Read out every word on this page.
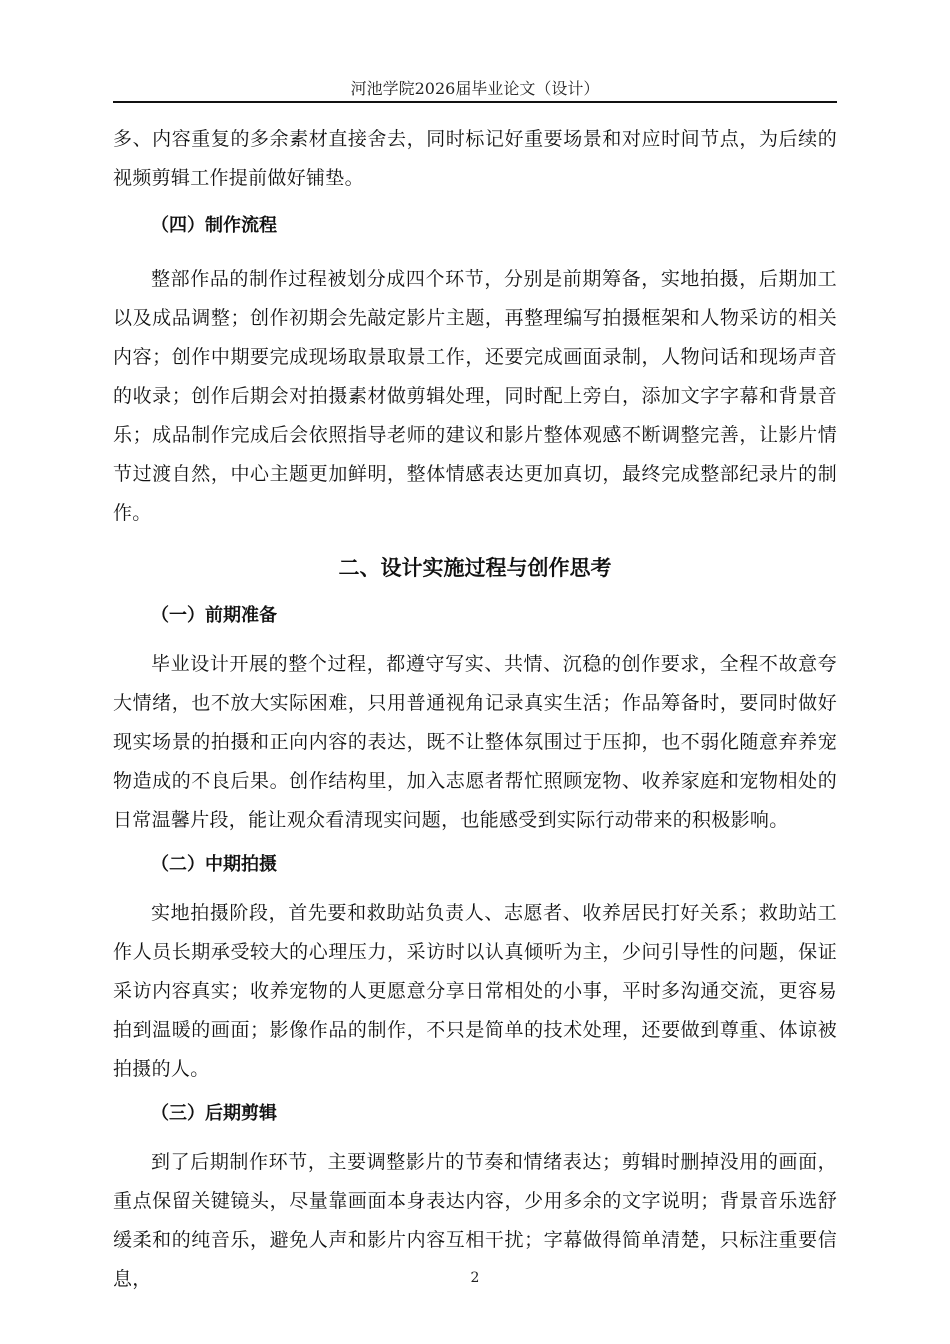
河池学院2026届毕业论文（设计）

多、内容重复的多余素材直接舍去，同时标记好重要场景和对应时间节点，为后续的视频剪辑工作提前做好铺垫。

（四）制作流程

整部作品的制作过程被划分成四个环节，分别是前期筹备，实地拍摄，后期加工以及成品调整；创作初期会先敲定影片主题，再整理编写拍摄框架和人物采访的相关内容；创作中期要完成现场取景取景工作，还要完成画面录制，人物问话和现场声音的收录；创作后期会对拍摄素材做剪辑处理，同时配上旁白，添加文字字幕和背景音乐；成品制作完成后会依照指导老师的建议和影片整体观感不断调整完善，让影片情节过渡自然，中心主题更加鲜明，整体情感表达更加真切，最终完成整部纪录片的制作。

二、设计实施过程与创作思考
（一）前期准备

毕业设计开展的整个过程，都遵守写实、共情、沉稳的创作要求，全程不故意夸大情绪，也不放大实际困难，只用普通视角记录真实生活；作品筹备时，要同时做好现实场景的拍摄和正向内容的表达，既不让整体氛围过于压抑，也不弱化随意弃养宠物造成的不良后果。创作结构里，加入志愿者帮忙照顾宠物、收养家庭和宠物相处的日常温馨片段，能让观众看清现实问题，也能感受到实际行动带来的积极影响。

（二）中期拍摄

实地拍摄阶段，首先要和救助站负责人、志愿者、收养居民打好关系；救助站工作人员长期承受较大的心理压力，采访时以认真倾听为主，少问引导性的问题，保证采访内容真实；收养宠物的人更愿意分享日常相处的小事，平时多沟通交流，更容易拍到温暖的画面；影像作品的制作，不只是简单的技术处理，还要做到尊重、体谅被拍摄的人。

（三）后期剪辑

到了后期制作环节，主要调整影片的节奏和情绪表达；剪辑时删掉没用的画面，重点保留关键镜头，尽量靠画面本身表达内容，少用多余的文字说明；背景音乐选舒缓柔和的纯音乐，避免人声和影片内容互相干扰；字幕做得简单清楚，只标注重要信息，	2
